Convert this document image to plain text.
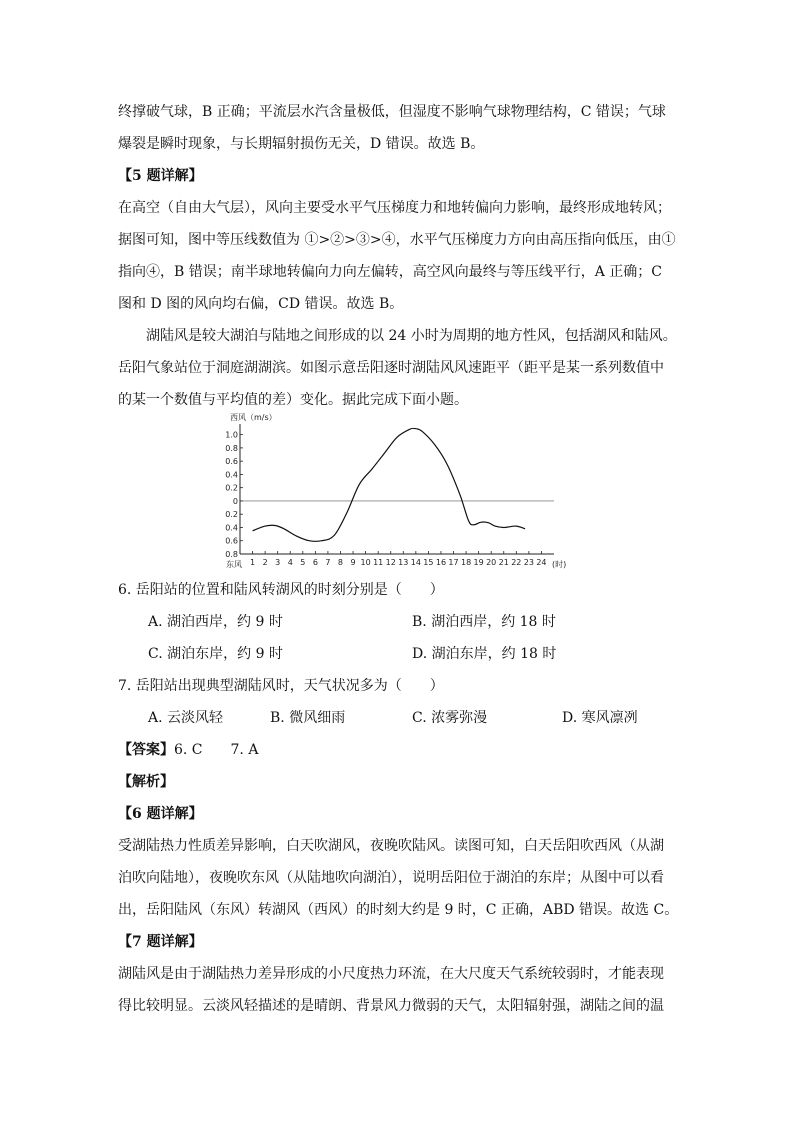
终撑破气球，B 正确；平流层水汽含量极低，但湿度不影响气球物理结构，C 错误；气球

爆裂是瞬时现象，与长期辐射损伤无关，D 错误。故选 B。

【5 题详解】

在高空（自由大气层），风向主要受水平气压梯度力和地转偏向力影响，最终形成地转风；

据图可知，图中等压线数值为 ①>②>③>④，水平气压梯度力方向由高压指向低压，由①

指向④，B 错误；南半球地转偏向力向左偏转，高空风向最终与等压线平行，A 正确；C

图和 D 图的风向均右偏，CD 错误。故选 B。

湖陆风是较大湖泊与陆地之间形成的以 24 小时为周期的地方性风，包括湖风和陆风。

岳阳气象站位于洞庭湖湖滨。如图示意岳阳逐时湖陆风风速距平（距平是某一系列数值中

的某一个数值与平均值的差）变化。据此完成下面小题。

西风（m/s）
东风	(时)
1.0
0.8
0.6
0.4
0.2
0
0.2
0.4
0.6
0.8
1 2 3 4 5 6 7 8 9 10 11 12 13 14 15 16 17 18 19 20 21 22 23 24

6. 岳阳站的位置和陆风转湖风的时刻分别是（　　）

A. 湖泊西岸，约 9 时	B. 湖泊西岸，约 18 时
C. 湖泊东岸，约 9 时	D. 湖泊东岸，约 18 时

7. 岳阳站出现典型湖陆风时，天气状况多为（　　）

A. 云淡风轻	B. 微风细雨	C. 浓雾弥漫	D. 寒风凛冽

【答案】6. C　　7. A

【解析】

【6 题详解】

受湖陆热力性质差异影响，白天吹湖风，夜晚吹陆风。读图可知，白天岳阳吹西风（从湖

泊吹向陆地），夜晚吹东风（从陆地吹向湖泊），说明岳阳位于湖泊的东岸；从图中可以看

出，岳阳陆风（东风）转湖风（西风）的时刻大约是 9 时，C 正确，ABD 错误。故选 C。

【7 题详解】

湖陆风是由于湖陆热力差异形成的小尺度热力环流，在大尺度天气系统较弱时，才能表现

得比较明显。云淡风轻描述的是晴朗、背景风力微弱的天气，太阳辐射强，湖陆之间的温
